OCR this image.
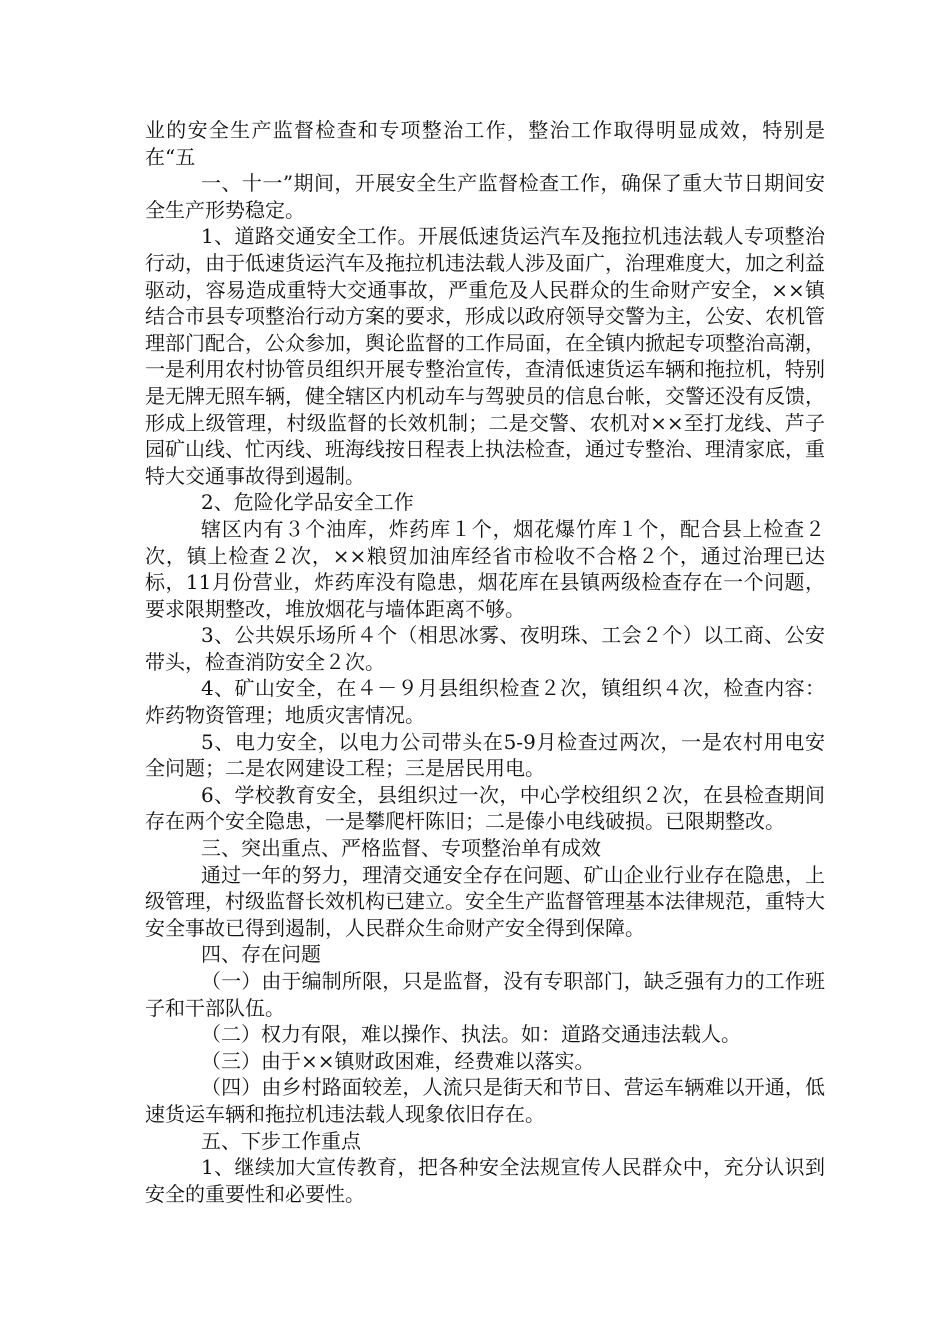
业的安全生产监督检查和专项整治工作，整治工作取得明显成效，特别是在“五

一、十一”期间，开展安全生产监督检查工作，确保了重大节日期间安全生产形势稳定。

1、道路交通安全工作。开展低速货运汽车及拖拉机违法载人专项整治行动，由于低速货运汽车及拖拉机违法载人涉及面广，治理难度大，加之利益驱动，容易造成重特大交通事故，严重危及人民群众的生命财产安全，××镇结合市县专项整治行动方案的要求，形成以政府领导交警为主，公安、农机管理部门配合，公众参加，舆论监督的工作局面，在全镇内掀起专项整治高潮，一是利用农村协管员组织开展专整治宣传，查清低速货运车辆和拖拉机，特别是无牌无照车辆，健全辖区内机动车与驾驶员的信息台帐，交警还没有反馈，形成上级管理，村级监督的长效机制；二是交警、农机对××至打龙线、芦子园矿山线、忙丙线、班海线按日程表上执法检查，通过专整治、理清家底，重特大交通事故得到遏制。

2、危险化学品安全工作

辖区内有３个油库，炸药库１个，烟花爆竹库１个，配合县上检查２次，镇上检查２次，××粮贸加油库经省市检收不合格２个，通过治理已达标，11月份营业，炸药库没有隐患，烟花库在县镇两级检查存在一个问题，要求限期整改，堆放烟花与墙体距离不够。

3、公共娱乐场所４个（相思冰雾、夜明珠、工会２个）以工商、公安带头，检查消防安全２次。

4、矿山安全，在４－９月县组织检查２次，镇组织４次，检查内容：炸药物资管理；地质灾害情况。

5、电力安全，以电力公司带头在5-9月检查过两次，一是农村用电安全问题；二是农网建设工程；三是居民用电。

6、学校教育安全，县组织过一次，中心学校组织２次，在县检查期间存在两个安全隐患，一是攀爬杆陈旧；二是傣小电线破损。已限期整改。

三、突出重点、严格监督、专项整治单有成效

通过一年的努力，理清交通安全存在问题、矿山企业行业存在隐患，上级管理，村级监督长效机构已建立。安全生产监督管理基本法律规范，重特大安全事故已得到遏制，人民群众生命财产安全得到保障。

四、存在问题

（一）由于编制所限，只是监督，没有专职部门，缺乏强有力的工作班子和干部队伍。

（二）权力有限，难以操作、执法。如：道路交通违法载人。

（三）由于××镇财政困难，经费难以落实。

（四）由乡村路面较差，人流只是街天和节日、营运车辆难以开通，低速货运车辆和拖拉机违法载人现象依旧存在。

五、下步工作重点

1、继续加大宣传教育，把各种安全法规宣传人民群众中，充分认识到安全的重要性和必要性。
